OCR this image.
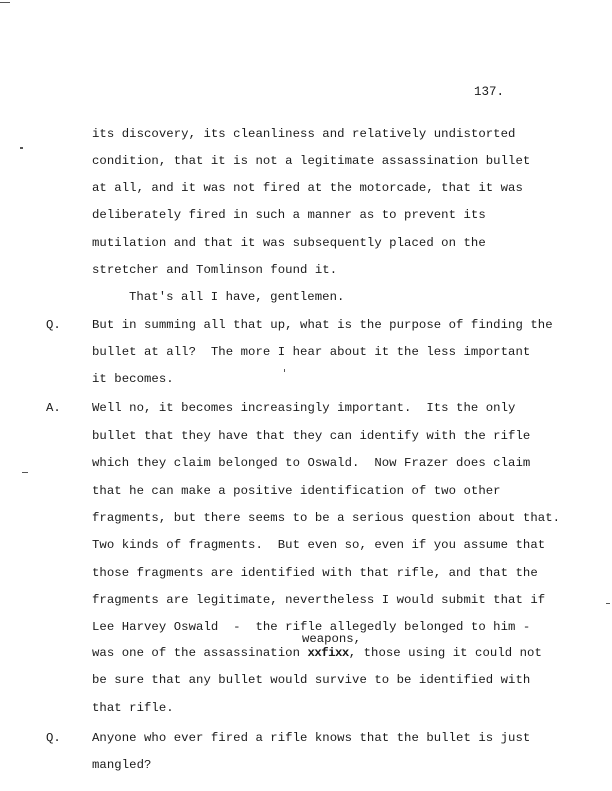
137.
its discovery, its cleanliness and relatively undistorted
condition, that it is not a legitimate assassination bullet
at all, and it was not fired at the motorcade, that it was
deliberately fired in such a manner as to prevent its
mutilation and that it was subsequently placed on the
stretcher and Tomlinson found it.
That's all I have, gentlemen.
Q.	But in summing all that up, what is the purpose of finding the
bullet at all?  The more I hear about it the less important
it becomes.
A.	Well no, it becomes increasingly important.  Its the only
bullet that they have that they can identify with the rifle
which they claim belonged to Oswald.  Now Frazer does claim
that he can make a positive identification of two other
fragments, but there seems to be a serious question about that.
Two kinds of fragments.  But even so, even if you assume that
those fragments are identified with that rifle, and that the
fragments are legitimate, nevertheless I would submit that if
Lee Harvey Oswald  -  the rifle allegedly belonged to him -
weapons,
was one of the assassination xxfixx, those using it could not
be sure that any bullet would survive to be identified with
that rifle.
Q.	Anyone who ever fired a rifle knows that the bullet is just
mangled?
